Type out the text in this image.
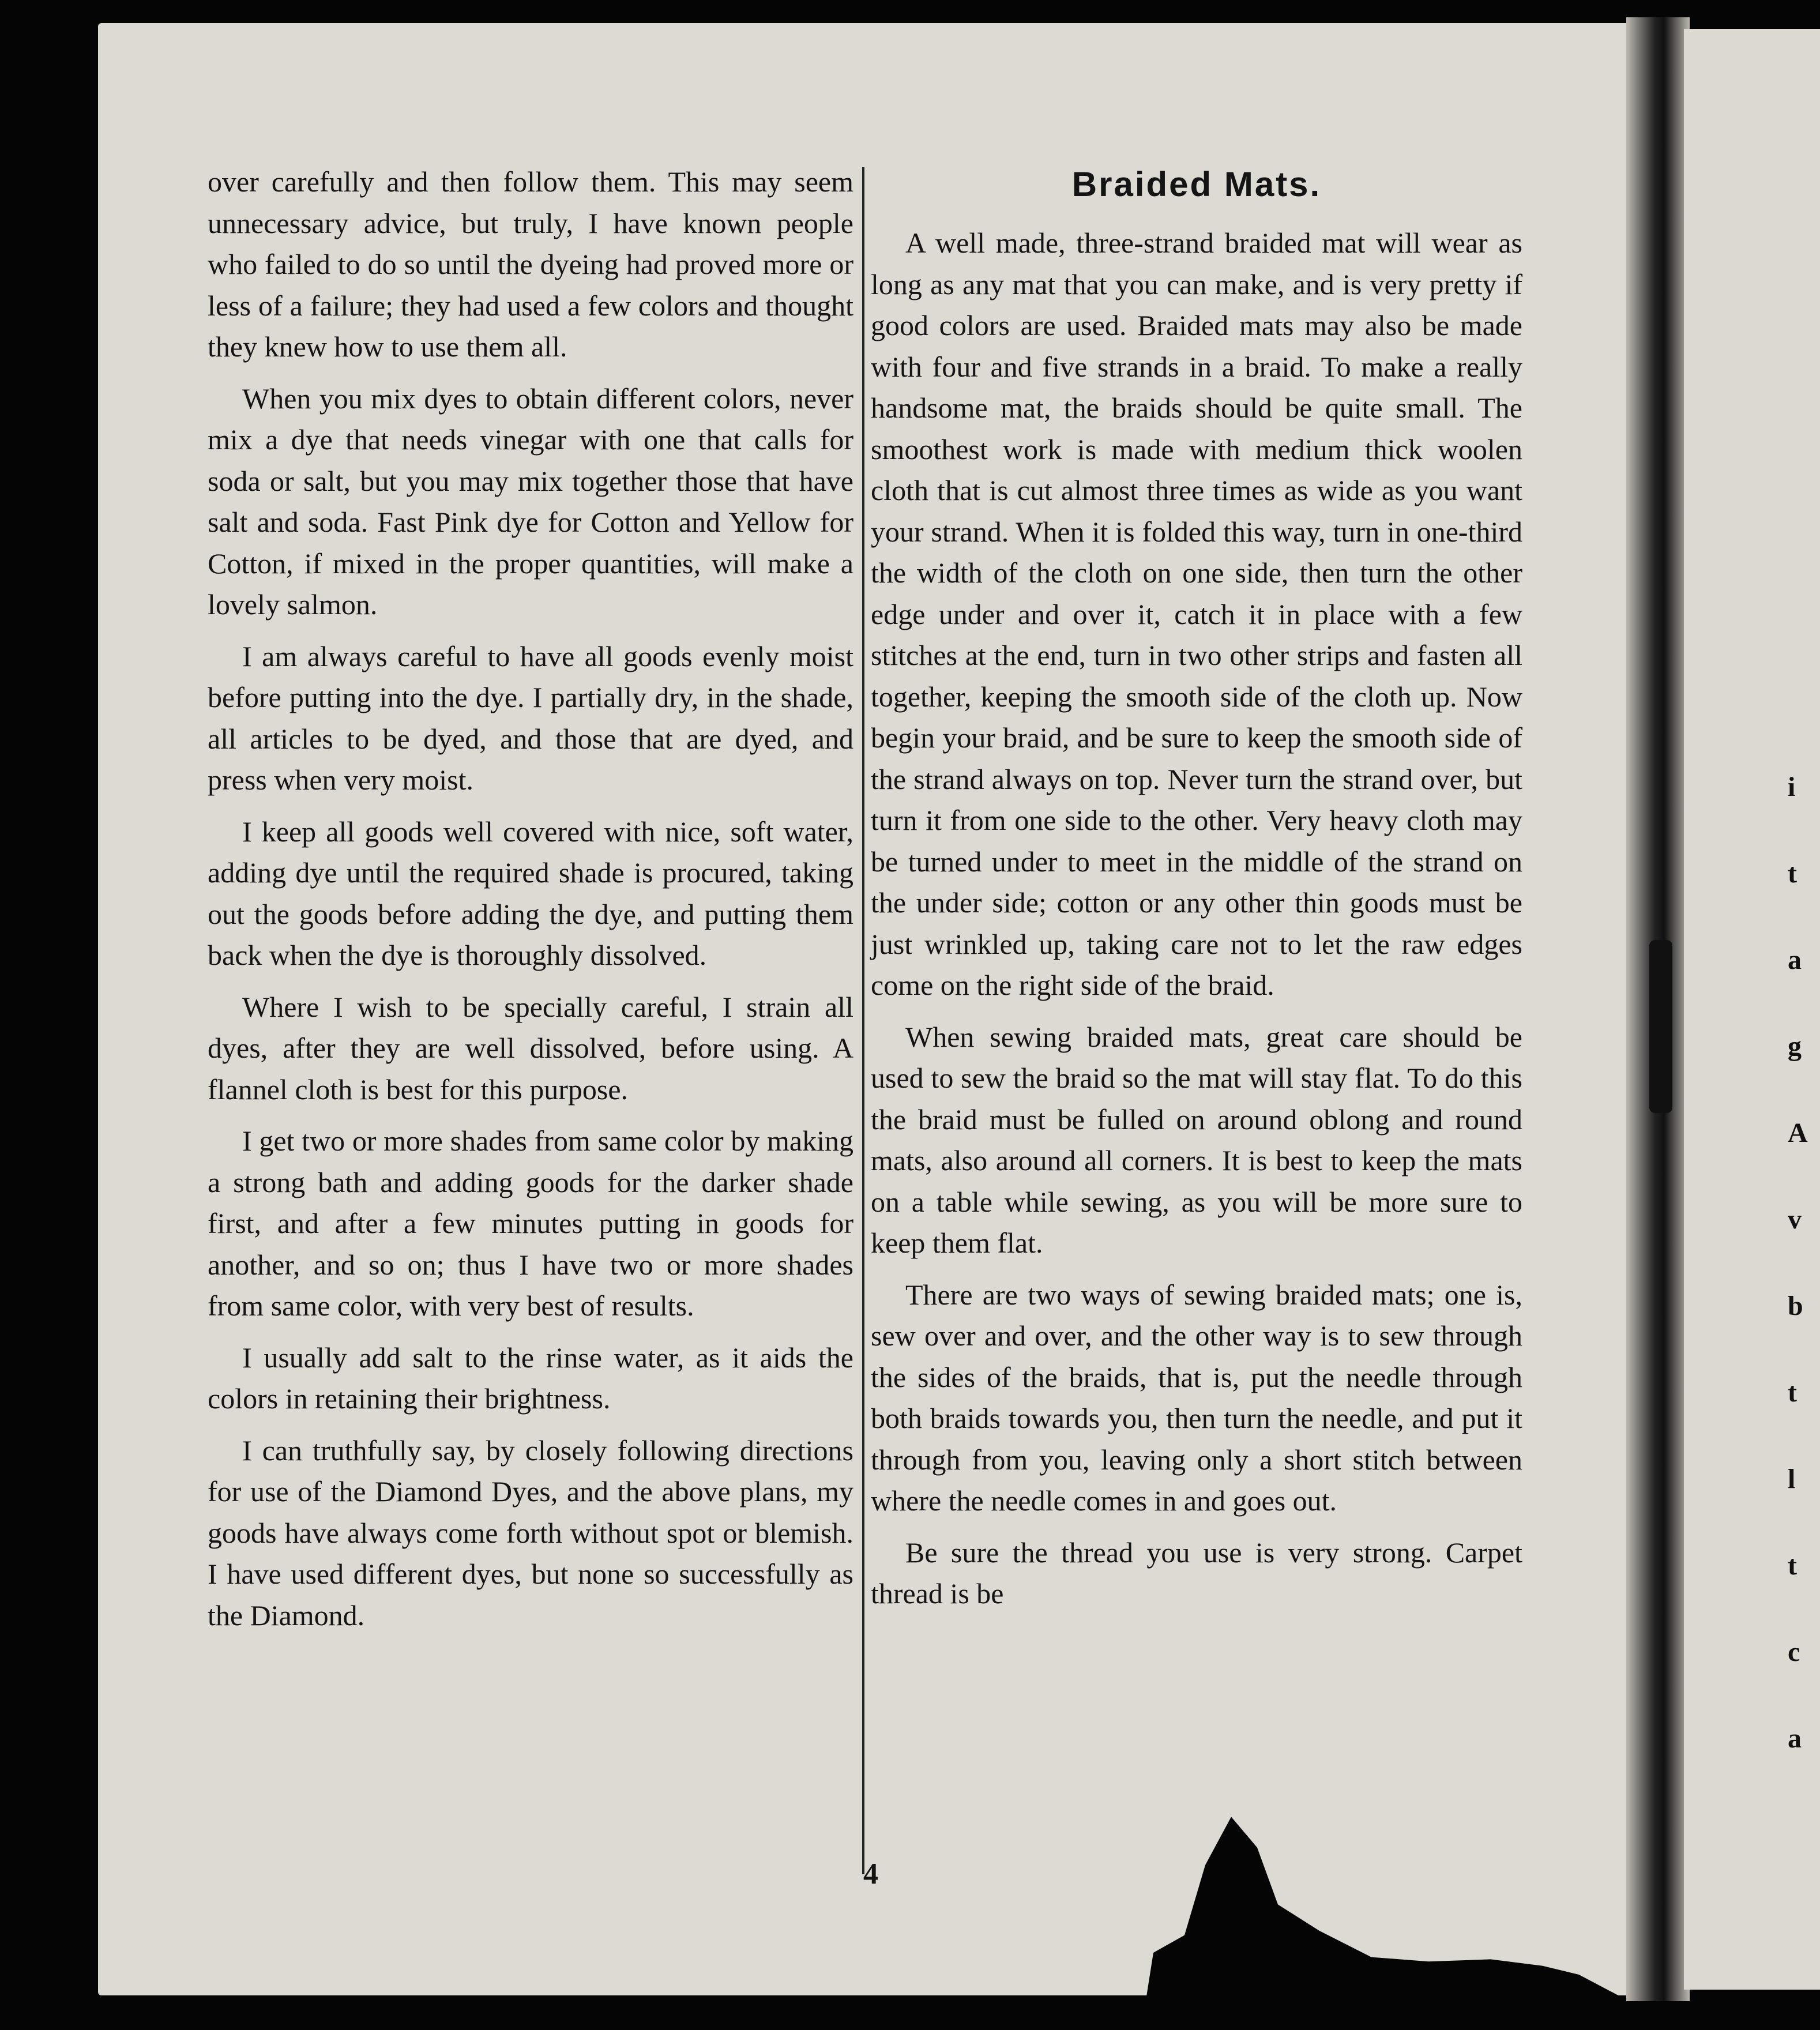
i
t
a
g
A
v
b
t
l
t
c
a

over carefully and then follow them. This may seem unnecessary advice, but truly, I have known people who failed to do so until the dyeing had proved more or less of a failure; they had used a few colors and thought they knew how to use them all.

When you mix dyes to obtain different colors, never mix a dye that needs vinegar with one that calls for soda or salt, but you may mix together those that have salt and soda. Fast Pink dye for Cotton and Yellow for Cotton, if mixed in the proper quantities, will make a lovely salmon.

I am always careful to have all goods evenly moist before putting into the dye. I partially dry, in the shade, all articles to be dyed, and those that are dyed, and press when very moist.

I keep all goods well covered with nice, soft water, adding dye until the required shade is procured, taking out the goods before adding the dye, and putting them back when the dye is thoroughly dissolved.

Where I wish to be specially careful, I strain all dyes, after they are well dissolved, before using. A flannel cloth is best for this purpose.

I get two or more shades from same color by making a strong bath and adding goods for the darker shade first, and after a few minutes putting in goods for another, and so on; thus I have two or more shades from same color, with very best of results.

I usually add salt to the rinse water, as it aids the colors in retaining their brightness.

I can truthfully say, by closely following directions for use of the Diamond Dyes, and the above plans, my goods have always come forth without spot or blemish. I have used different dyes, but none so successfully as the Diamond.

Braided Mats.

A well made, three-strand braided mat will wear as long as any mat that you can make, and is very pretty if good colors are used. Braided mats may also be made with four and five strands in a braid. To make a really handsome mat, the braids should be quite small. The smoothest work is made with medium thick woolen cloth that is cut almost three times as wide as you want your strand. When it is folded this way, turn in one-third the width of the cloth on one side, then turn the other edge under and over it, catch it in place with a few stitches at the end, turn in two other strips and fasten all together, keeping the smooth side of the cloth up. Now begin your braid, and be sure to keep the smooth side of the strand always on top. Never turn the strand over, but turn it from one side to the other. Very heavy cloth may be turned under to meet in the middle of the strand on the under side; cotton or any other thin goods must be just wrinkled up, taking care not to let the raw edges come on the right side of the braid.

When sewing braided mats, great care should be used to sew the braid so the mat will stay flat. To do this the braid must be fulled on around oblong and round mats, also around all corners. It is best to keep the mats on a table while sewing, as you will be more sure to keep them flat.

There are two ways of sewing braided mats; one is, sew over and over, and the other way is to sew through the sides of the braids, that is, put the needle through both braids towards you, then turn the needle, and put it through from you, leaving only a short stitch between where the needle comes in and goes out.

Be sure the thread you use is very strong. Carpet thread is be

4
